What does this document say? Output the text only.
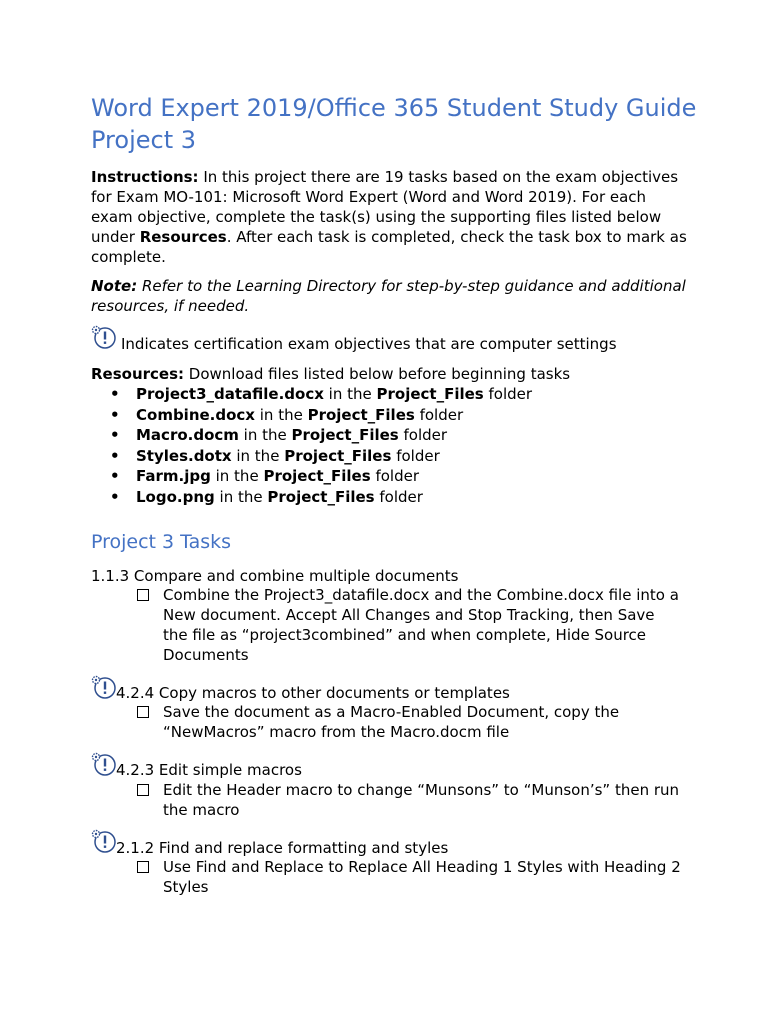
Word Expert 2019/Office 365 Student Study Guide Project 3

Instructions: In this project there are 19 tasks based on the exam objectives for Exam MO-101: Microsoft Word Expert (Word and Word 2019). For each exam objective, complete the task(s) using the supporting files listed below under Resources. After each task is completed, check the task box to mark as complete.

Note: Refer to the Learning Directory for step-by-step guidance and additional resources, if needed.

Indicates certification exam objectives that are computer settings
Resources: Download files listed below before beginning tasks
• Project3_datafile.docx in the Project_Files folder
• Combine.docx in the Project_Files folder
• Macro.docm in the Project_Files folder
• Styles.dotx in the Project_Files folder
• Farm.jpg in the Project_Files folder
• Logo.png in the Project_Files folder
Project 3 Tasks
1.1.3 Compare and combine multiple documents

Combine the Project3_datafile.docx and the Combine.docx file into a New document. Accept All Changes and Stop Tracking, then Save the file as “project3combined” and when complete, Hide Source Documents

4.2.4 Copy macros to other documents or templates

Save the document as a Macro-Enabled Document, copy the “NewMacros” macro from the Macro.docm file

4.2.3 Edit simple macros

Edit the Header macro to change “Munsons” to “Munson’s” then run the macro

2.1.2 Find and replace formatting and styles

Use Find and Replace to Replace All Heading 1 Styles with Heading 2 Styles
